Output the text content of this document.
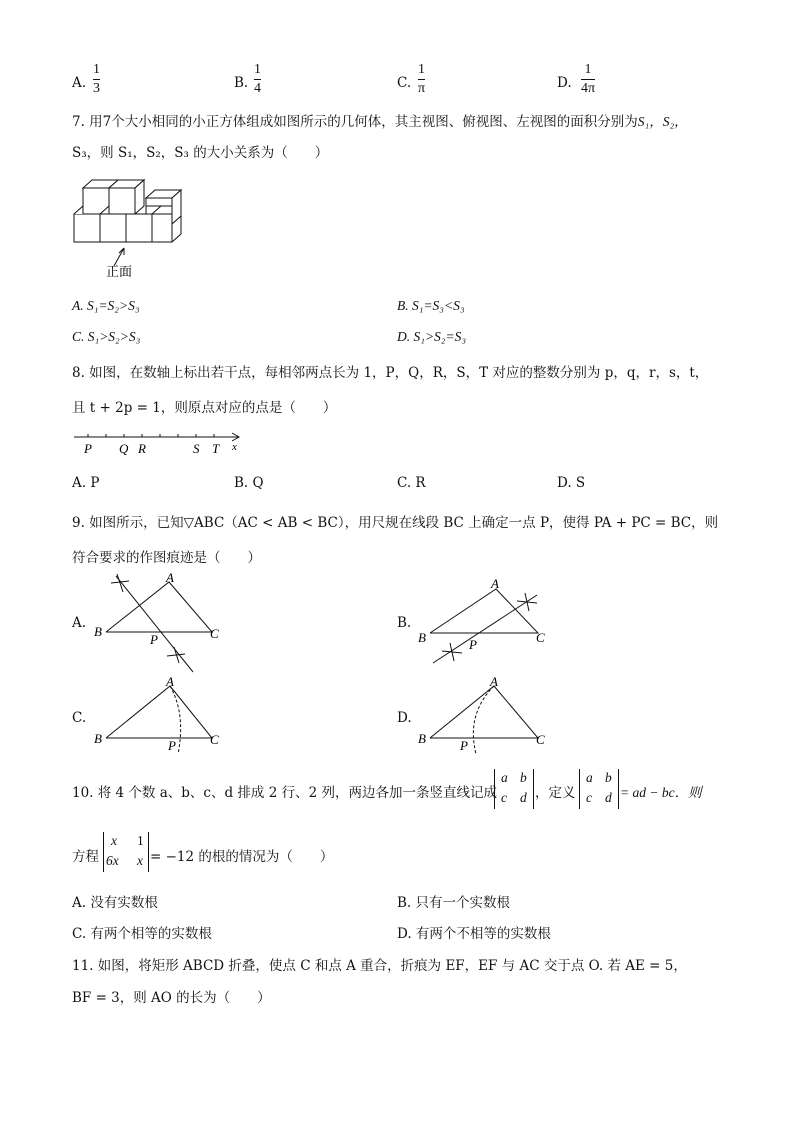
A.
1
3	B.
1
4	C.
1
π	D.
1
4π
7. 用7个大小相同的小正方体组成如图所示的几何体，其主视图、俯视图、左视图的面积分别为S₁，S₂，
S₃，则 S₁，S₂，S₃ 的大小关系为（　　）
正面
A. S₁=S₂>S₃	B. S₁=S₃<S₃
C. S₁>S₂>S₃	D. S₁>S₂=S₃
8. 如图，在数轴上标出若干点，每相邻两点长为 1，P，Q，R，S，T 对应的整数分别为 p，q，r，s，t，
且 t + 2p = 1，则原点对应的点是（　　）
P Q R	S T x
A. P	B. Q	C. R	D. S
9. 如图所示，已知▽ABC（AC < AB < BC），用尺规在线段 BC 上确定一点 P，使得 PA + PC = BC，则
符合要求的作图痕迹是（　　）
A.
B
A
C
P
B.
B
A
C
P
C.
B
A
C
P
D.
B
A
C
P
10. 将 4 个数 a、b、c、d 排成 2 行、2 列，两边各加一条竖直线记成
a b
c d ，定义
a b
c d = ad − bc．则
方程
x 1
6x x = −12 的根的情况为（　　）
A. 没有实数根	B. 只有一个实数根
C. 有两个相等的实数根	D. 有两个不相等的实数根
11. 如图，将矩形 ABCD 折叠，使点 C 和点 A 重合，折痕为 EF，EF 与 AC 交于点 O. 若 AE = 5，
BF = 3，则 AO 的长为（　　）
